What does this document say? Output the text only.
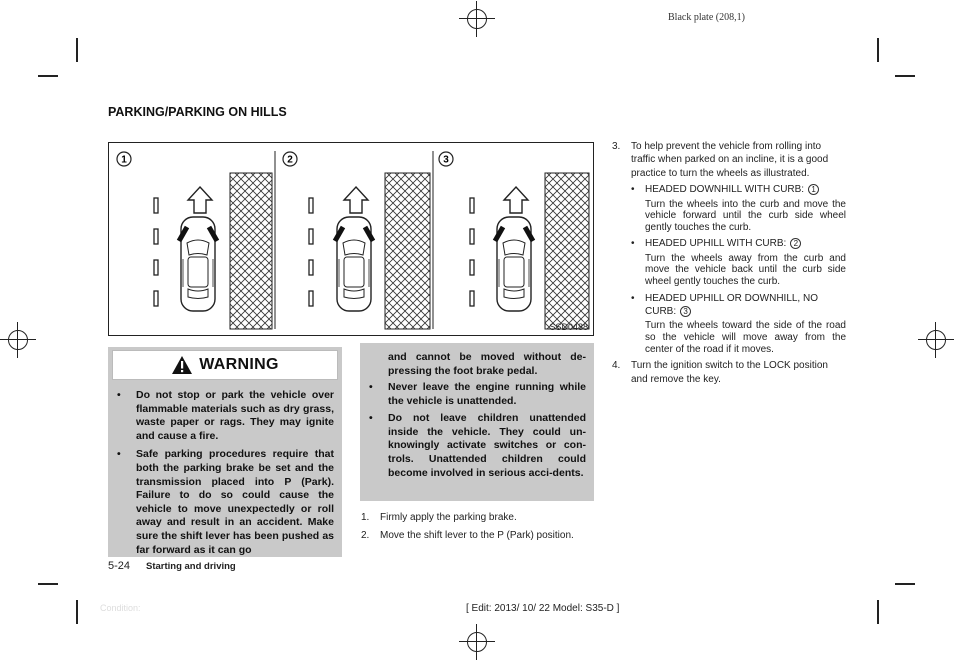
Black plate (208,1)
PARKING/PARKING ON HILLS
1	2	3
SSD0488
WARNING
• Do not stop or park the vehicle over flammable materials such as dry grass, waste paper or rags. They may ignite and cause a fire.
• Safe parking procedures require that both the parking brake be set and the transmission placed into P (Park). Failure to do so could cause the vehicle to move unexpectedly or roll away and result in an accident. Make sure the shift lever has been pushed as far forward as it can go
and cannot be moved without de-pressing the foot brake pedal.
• Never leave the engine running while the vehicle is unattended.
• Do not leave children unattended inside the vehicle. They could un-knowingly activate switches or con-trols. Unattended children could become involved in serious acci-dents.
1. Firmly apply the parking brake.
2. Move the shift lever to the P (Park) position.
3. To help prevent the vehicle from rolling into traffic when parked on an incline, it is a good practice to turn the wheels as illustrated.
• HEADED DOWNHILL WITH CURB: 1
Turn the wheels into the curb and move the vehicle forward until the curb side wheel gently touches the curb.
• HEADED UPHILL WITH CURB: 2
Turn the wheels away from the curb and move the vehicle back until the curb side wheel gently touches the curb.
• HEADED UPHILL OR DOWNHILL, NO CURB: 3
Turn the wheels toward the side of the road so the vehicle will move away from the center of the road if it moves.
4. Turn the ignition switch to the LOCK position and remove the key.
5-24 Starting and driving
Condition:	[ Edit: 2013/ 10/ 22 Model: S35-D ]
